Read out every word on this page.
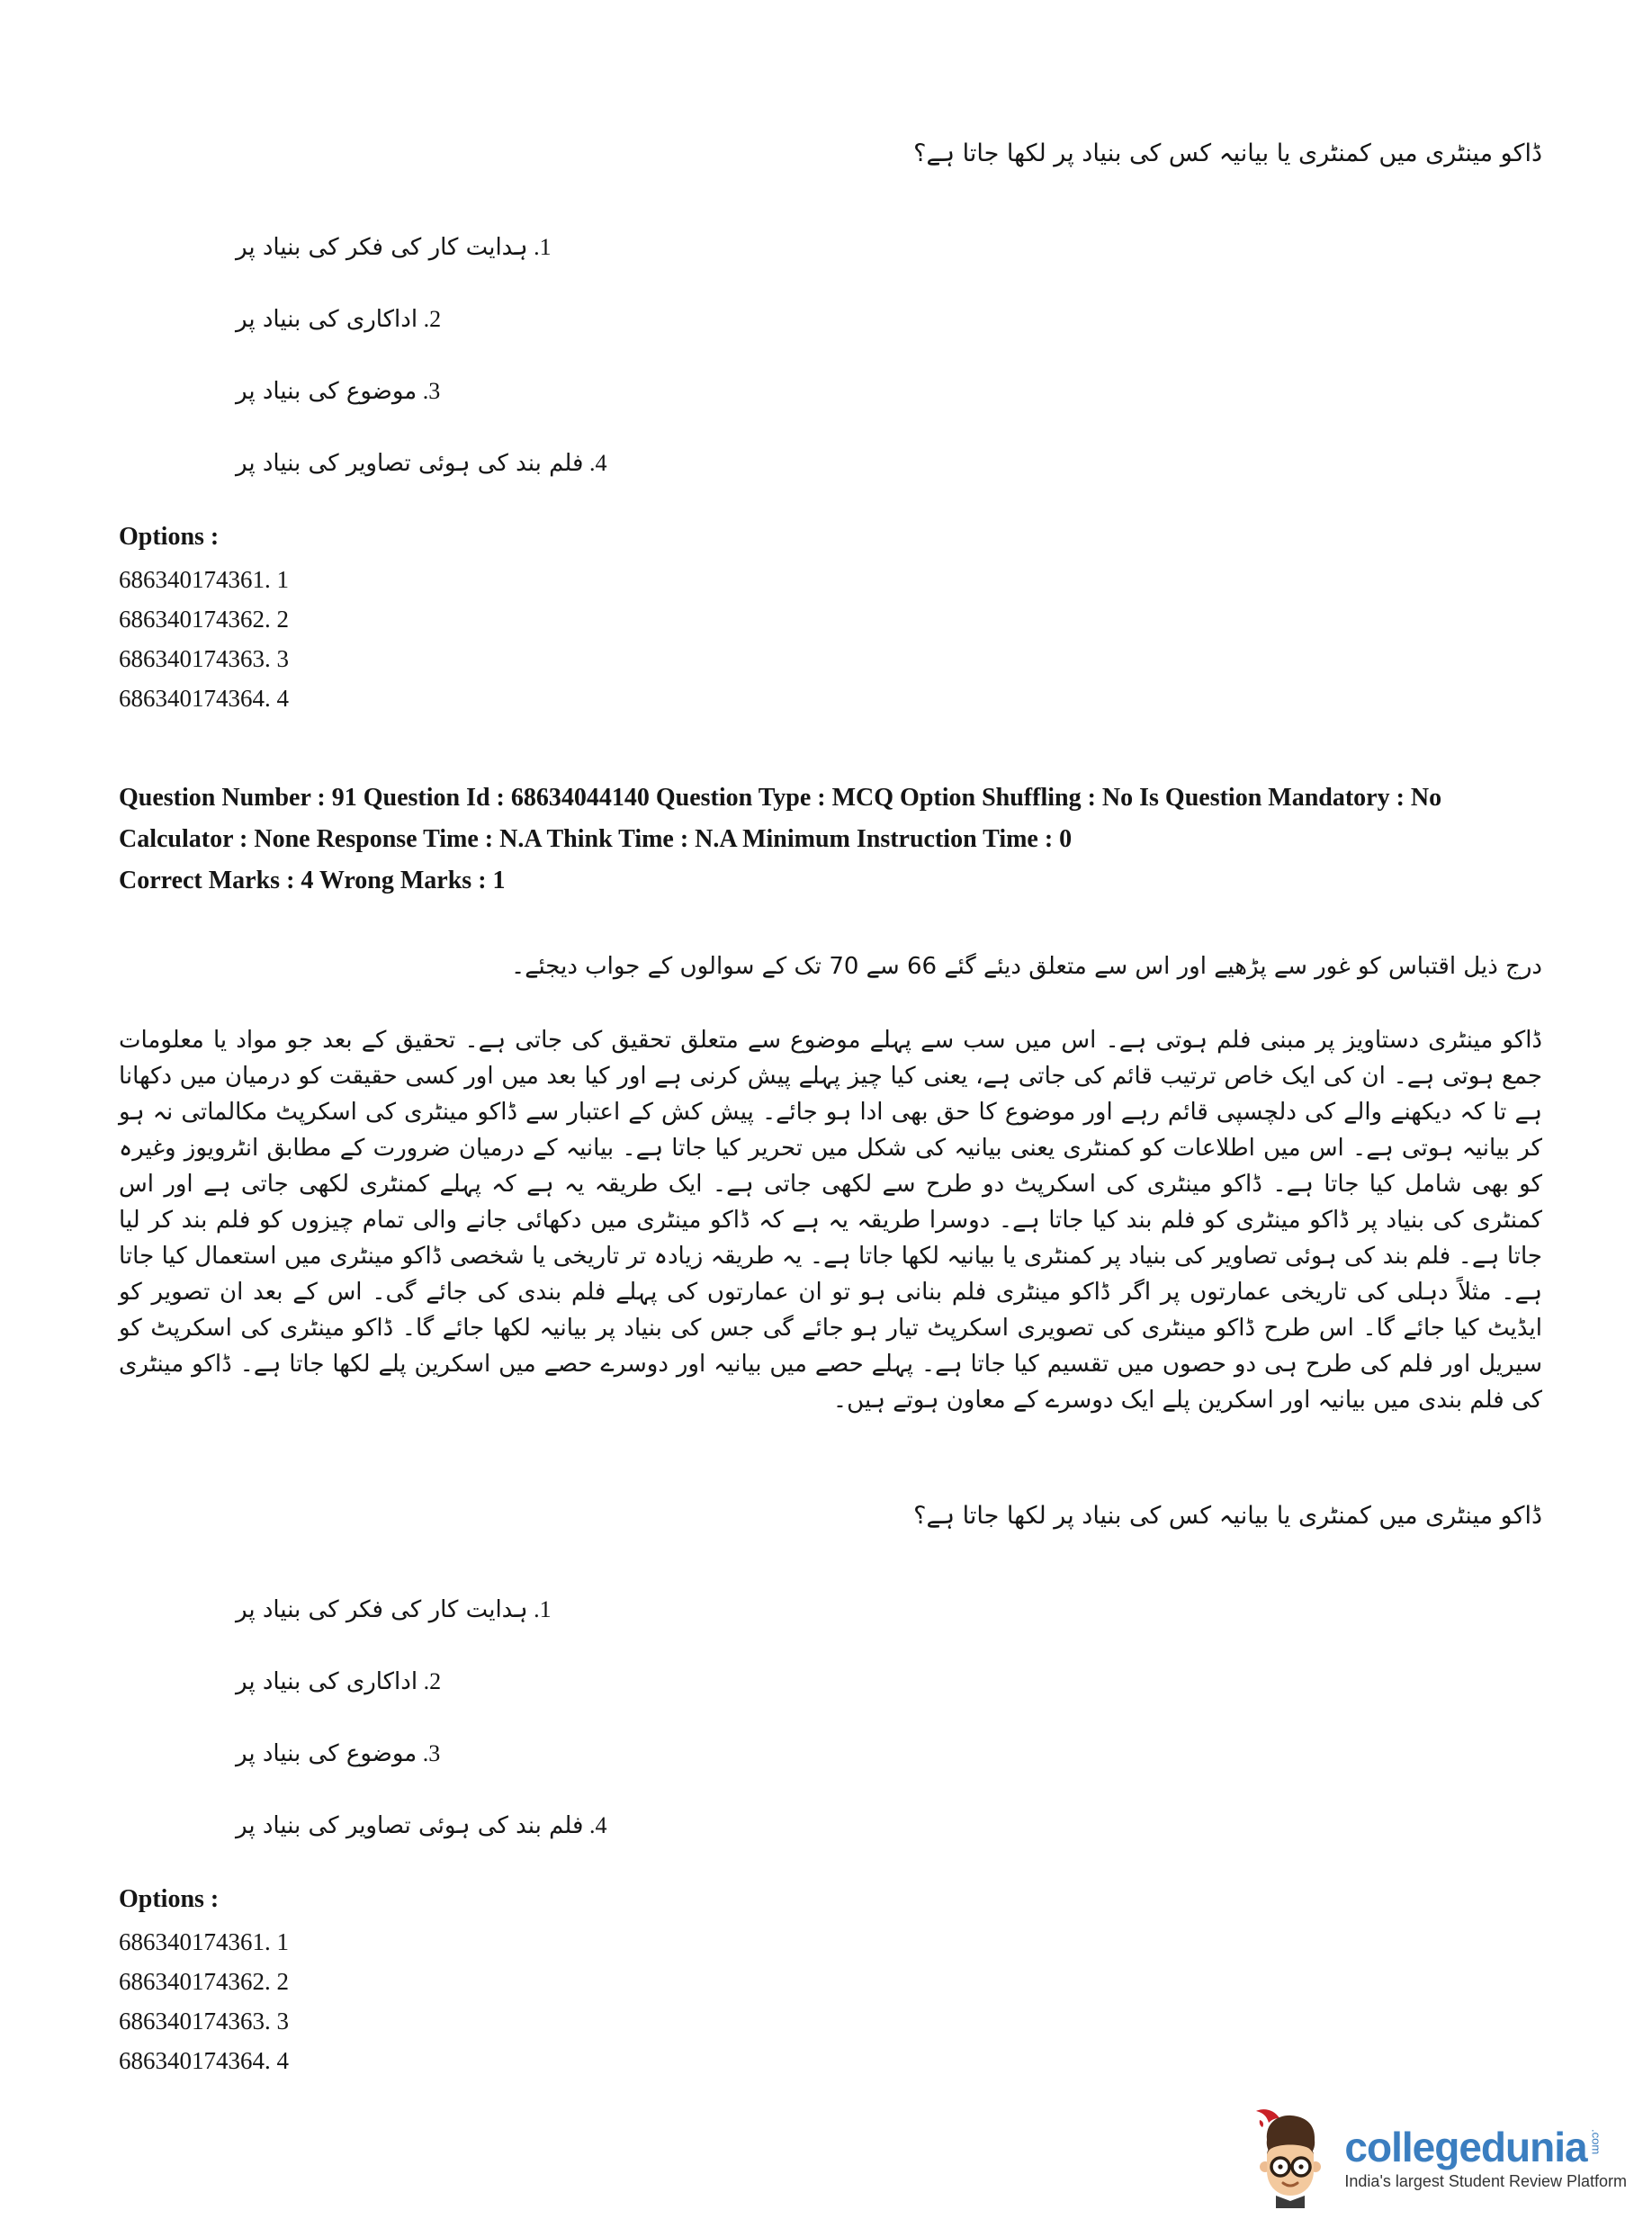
ڈاکو مینٹری میں کمنٹری یا بیانیہ کس کی بنیاد پر لکھا جاتا ہے؟
1. ہدایت کار کی فکر کی بنیاد پر
2. اداکاری کی بنیاد پر
3. موضوع کی بنیاد پر
4. فلم بند کی ہوئی تصاویر کی بنیاد پر
Options :
686340174361. 1
686340174362. 2
686340174363. 3
686340174364. 4

Question Number : 91 Question Id : 68634044140 Question Type : MCQ Option Shuffling : No Is Question Mandatory : No Calculator : None Response Time : N.A Think Time : N.A Minimum Instruction Time : 0

Correct Marks : 4 Wrong Marks : 1

درج ذیل اقتباس کو غور سے پڑھیے اور اس سے متعلق دیئے گئے 66 سے 70 تک کے سوالوں کے جواب دیجئے۔
ڈاکو مینٹری دستاویز پر مبنی فلم ہوتی ہے۔ اس میں سب سے پہلے موضوع سے متعلق تحقیق کی جاتی ہے۔ تحقیق کے بعد جو مواد یا معلومات جمع ہوتی ہے۔ ان کی ایک خاص ترتیب قائم کی جاتی ہے، یعنی کیا چیز پہلے پیش کرنی ہے اور کیا بعد میں اور کسی حقیقت کو درمیان میں دکھانا ہے تا کہ دیکھنے والے کی دلچسپی قائم رہے اور موضوع کا حق بھی ادا ہو جائے۔ پیش کش کے اعتبار سے ڈاکو مینٹری کی اسکرپٹ مکالماتی نہ ہو کر بیانیہ ہوتی ہے۔ اس میں اطلاعات کو کمنٹری یعنی بیانیہ کی شکل میں تحریر کیا جاتا ہے۔ بیانیہ کے درمیان ضرورت کے مطابق انٹرویوز وغیرہ کو بھی شامل کیا جاتا ہے۔ ڈاکو مینٹری کی اسکرپٹ دو طرح سے لکھی جاتی ہے۔ ایک طریقہ یہ ہے کہ پہلے کمنٹری لکھی جاتی ہے اور اس کمنٹری کی بنیاد پر ڈاکو مینٹری کو فلم بند کیا جاتا ہے۔ دوسرا طریقہ یہ ہے کہ ڈاکو مینٹری میں دکھائی جانے والی تمام چیزوں کو فلم بند کر لیا جاتا ہے۔ فلم بند کی ہوئی تصاویر کی بنیاد پر کمنٹری یا بیانیہ لکھا جاتا ہے۔ یہ طریقہ زیادہ تر تاریخی یا شخصی ڈاکو مینٹری میں استعمال کیا جاتا ہے۔ مثلاً دہلی کی تاریخی عمارتوں پر اگر ڈاکو مینٹری فلم بنانی ہو تو ان عمارتوں کی پہلے فلم بندی کی جائے گی۔ اس کے بعد ان تصویر کو ایڈیٹ کیا جائے گا۔ اس طرح ڈاکو مینٹری کی تصویری اسکرپٹ تیار ہو جائے گی جس کی بنیاد پر بیانیہ لکھا جائے گا۔ ڈاکو مینٹری کی اسکرپٹ کو سیریل اور فلم کی طرح ہی دو حصوں میں تقسیم کیا جاتا ہے۔ پہلے حصے میں بیانیہ اور دوسرے حصے میں اسکرین پلے لکھا جاتا ہے۔ ڈاکو مینٹری کی فلم بندی میں بیانیہ اور اسکرین پلے ایک دوسرے کے معاون ہوتے ہیں۔
ڈاکو مینٹری میں کمنٹری یا بیانیہ کس کی بنیاد پر لکھا جاتا ہے؟
1. ہدایت کار کی فکر کی بنیاد پر
2. اداکاری کی بنیاد پر
3. موضوع کی بنیاد پر
4. فلم بند کی ہوئی تصاویر کی بنیاد پر
Options :
686340174361. 1
686340174362. 2
686340174363. 3
686340174364. 4
collegedunia .com
India's largest Student Review Platform
